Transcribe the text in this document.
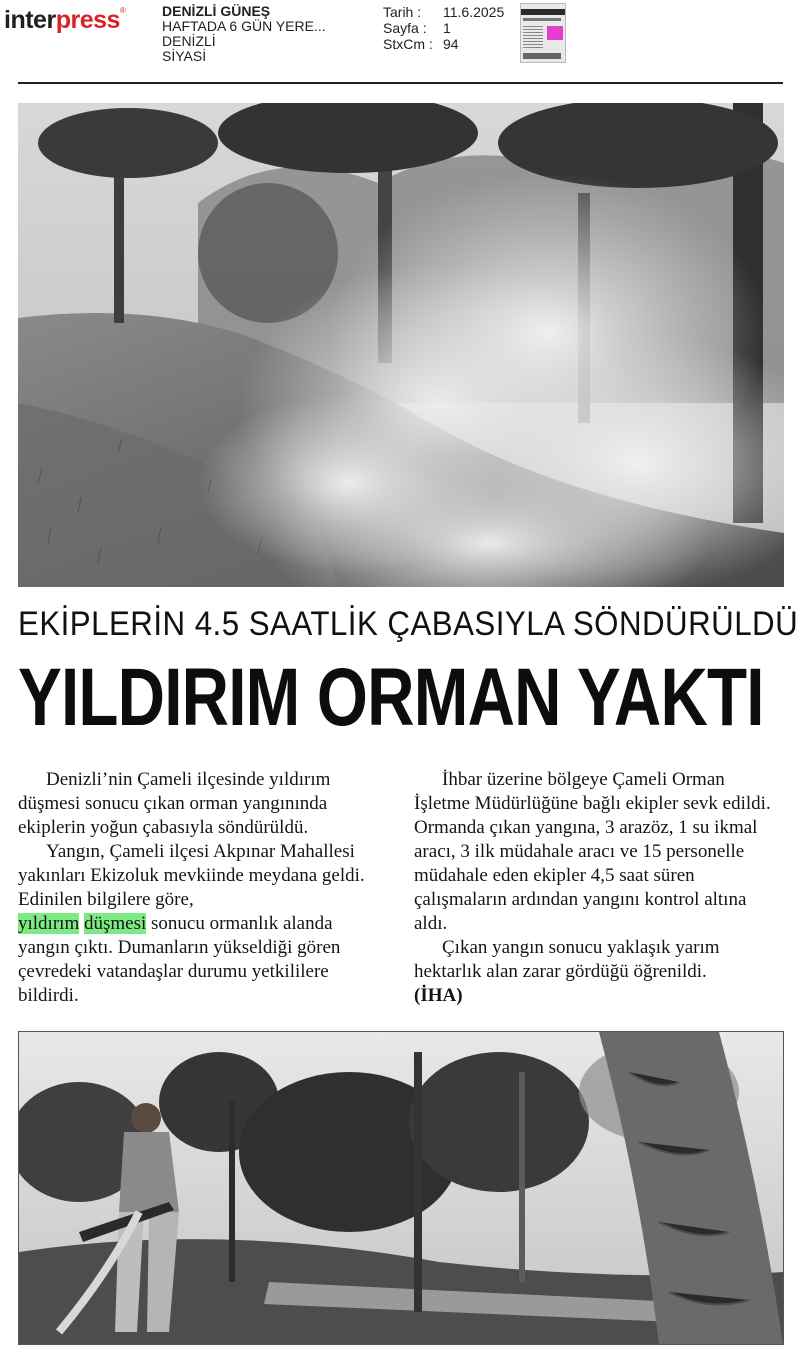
interpress®	DENİZLİ GÜNEŞ
HAFTADA 6 GÜN YERE...
DENİZLİ
SİYASİ
Tarih :	11.6.2025
Sayfa :	1
StxCm : 94
EKİPLERİN 4.5 SAATLİK ÇABASIYLA SÖNDÜRÜLDÜ
YILDIRIM ORMAN YAKTI

Denizli’nin Çameli ilçesinde yıldırım düşmesi sonucu çıkan orman yangınında ekiplerin yoğun çabasıyla söndürüldü.

Yangın, Çameli ilçesi Akpınar Mahallesi yakınları Ekizoluk mevkiinde meydana geldi. Edinilen bilgilere göre,
yıldırım düşmesi sonucu ormanlık alanda yangın çıktı. Dumanların yükseldiği gören çevredeki vatandaşlar durumu yetkililere bildirdi.

İhbar üzerine bölgeye Çameli Orman İşletme Müdürlüğüne bağlı ekipler sevk edildi. Ormanda çıkan yangına, 3 arazöz, 1 su ikmal aracı, 3 ilk müdahale aracı ve 15 personelle müdahale eden ekipler 4,5 saat süren çalışmaların ardından yangını kontrol altına aldı.

Çıkan yangın sonucu yaklaşık yarım hektarlık alan zarar gördüğü öğrenildi.

(İHA)
